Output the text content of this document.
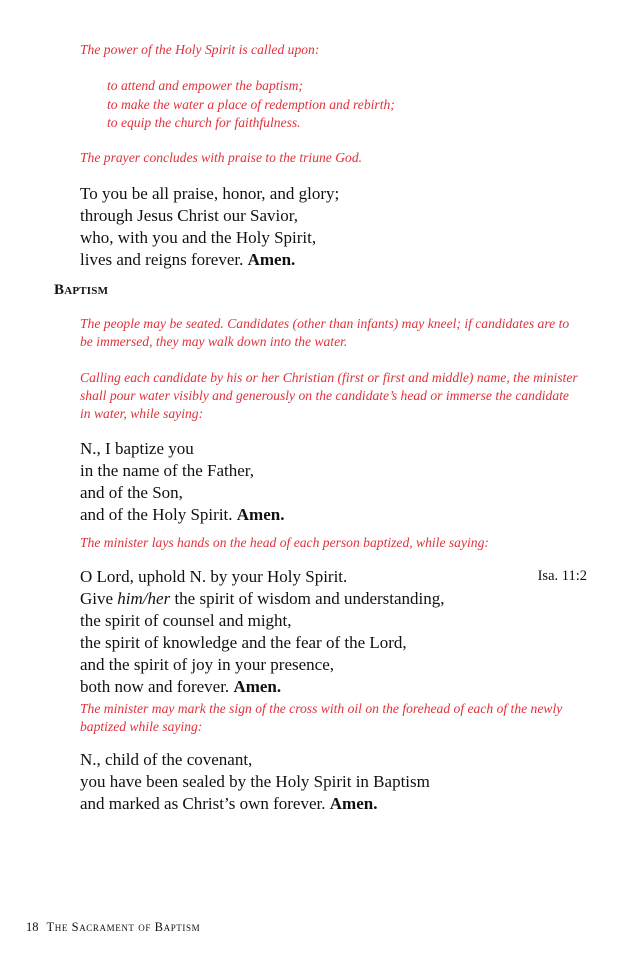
The power of the Holy Spirit is called upon:

to attend and empower the baptism;
to make the water a place of redemption and rebirth;
to equip the church for faithfulness.

The prayer concludes with praise to the triune God.

To you be all praise, honor, and glory;
through Jesus Christ our Savior,
who, with you and the Holy Spirit,
lives and reigns forever. Amen.
Baptism

The people may be seated. Candidates (other than infants) may kneel; if candidates are to be immersed, they may walk down into the water.

Calling each candidate by his or her Christian (first or first and middle) name, the minister shall pour water visibly and generously on the candidate’s head or immerse the candidate in water, while saying:

N., I baptize you
in the name of the Father,
and of the Son,
and of the Holy Spirit. Amen.

The minister lays hands on the head of each person baptized, while saying:

O Lord, uphold N. by your Holy Spirit.
Give him/her the spirit of wisdom and understanding,
the spirit of counsel and might,
the spirit of knowledge and the fear of the Lord,
and the spirit of joy in your presence,
both now and forever. Amen.
Isa. 11:2

The minister may mark the sign of the cross with oil on the forehead of each of the newly baptized while saying:

N., child of the covenant,
you have been sealed by the Holy Spirit in Baptism
and marked as Christ’s own forever. Amen.
18 The Sacrament of Baptism
